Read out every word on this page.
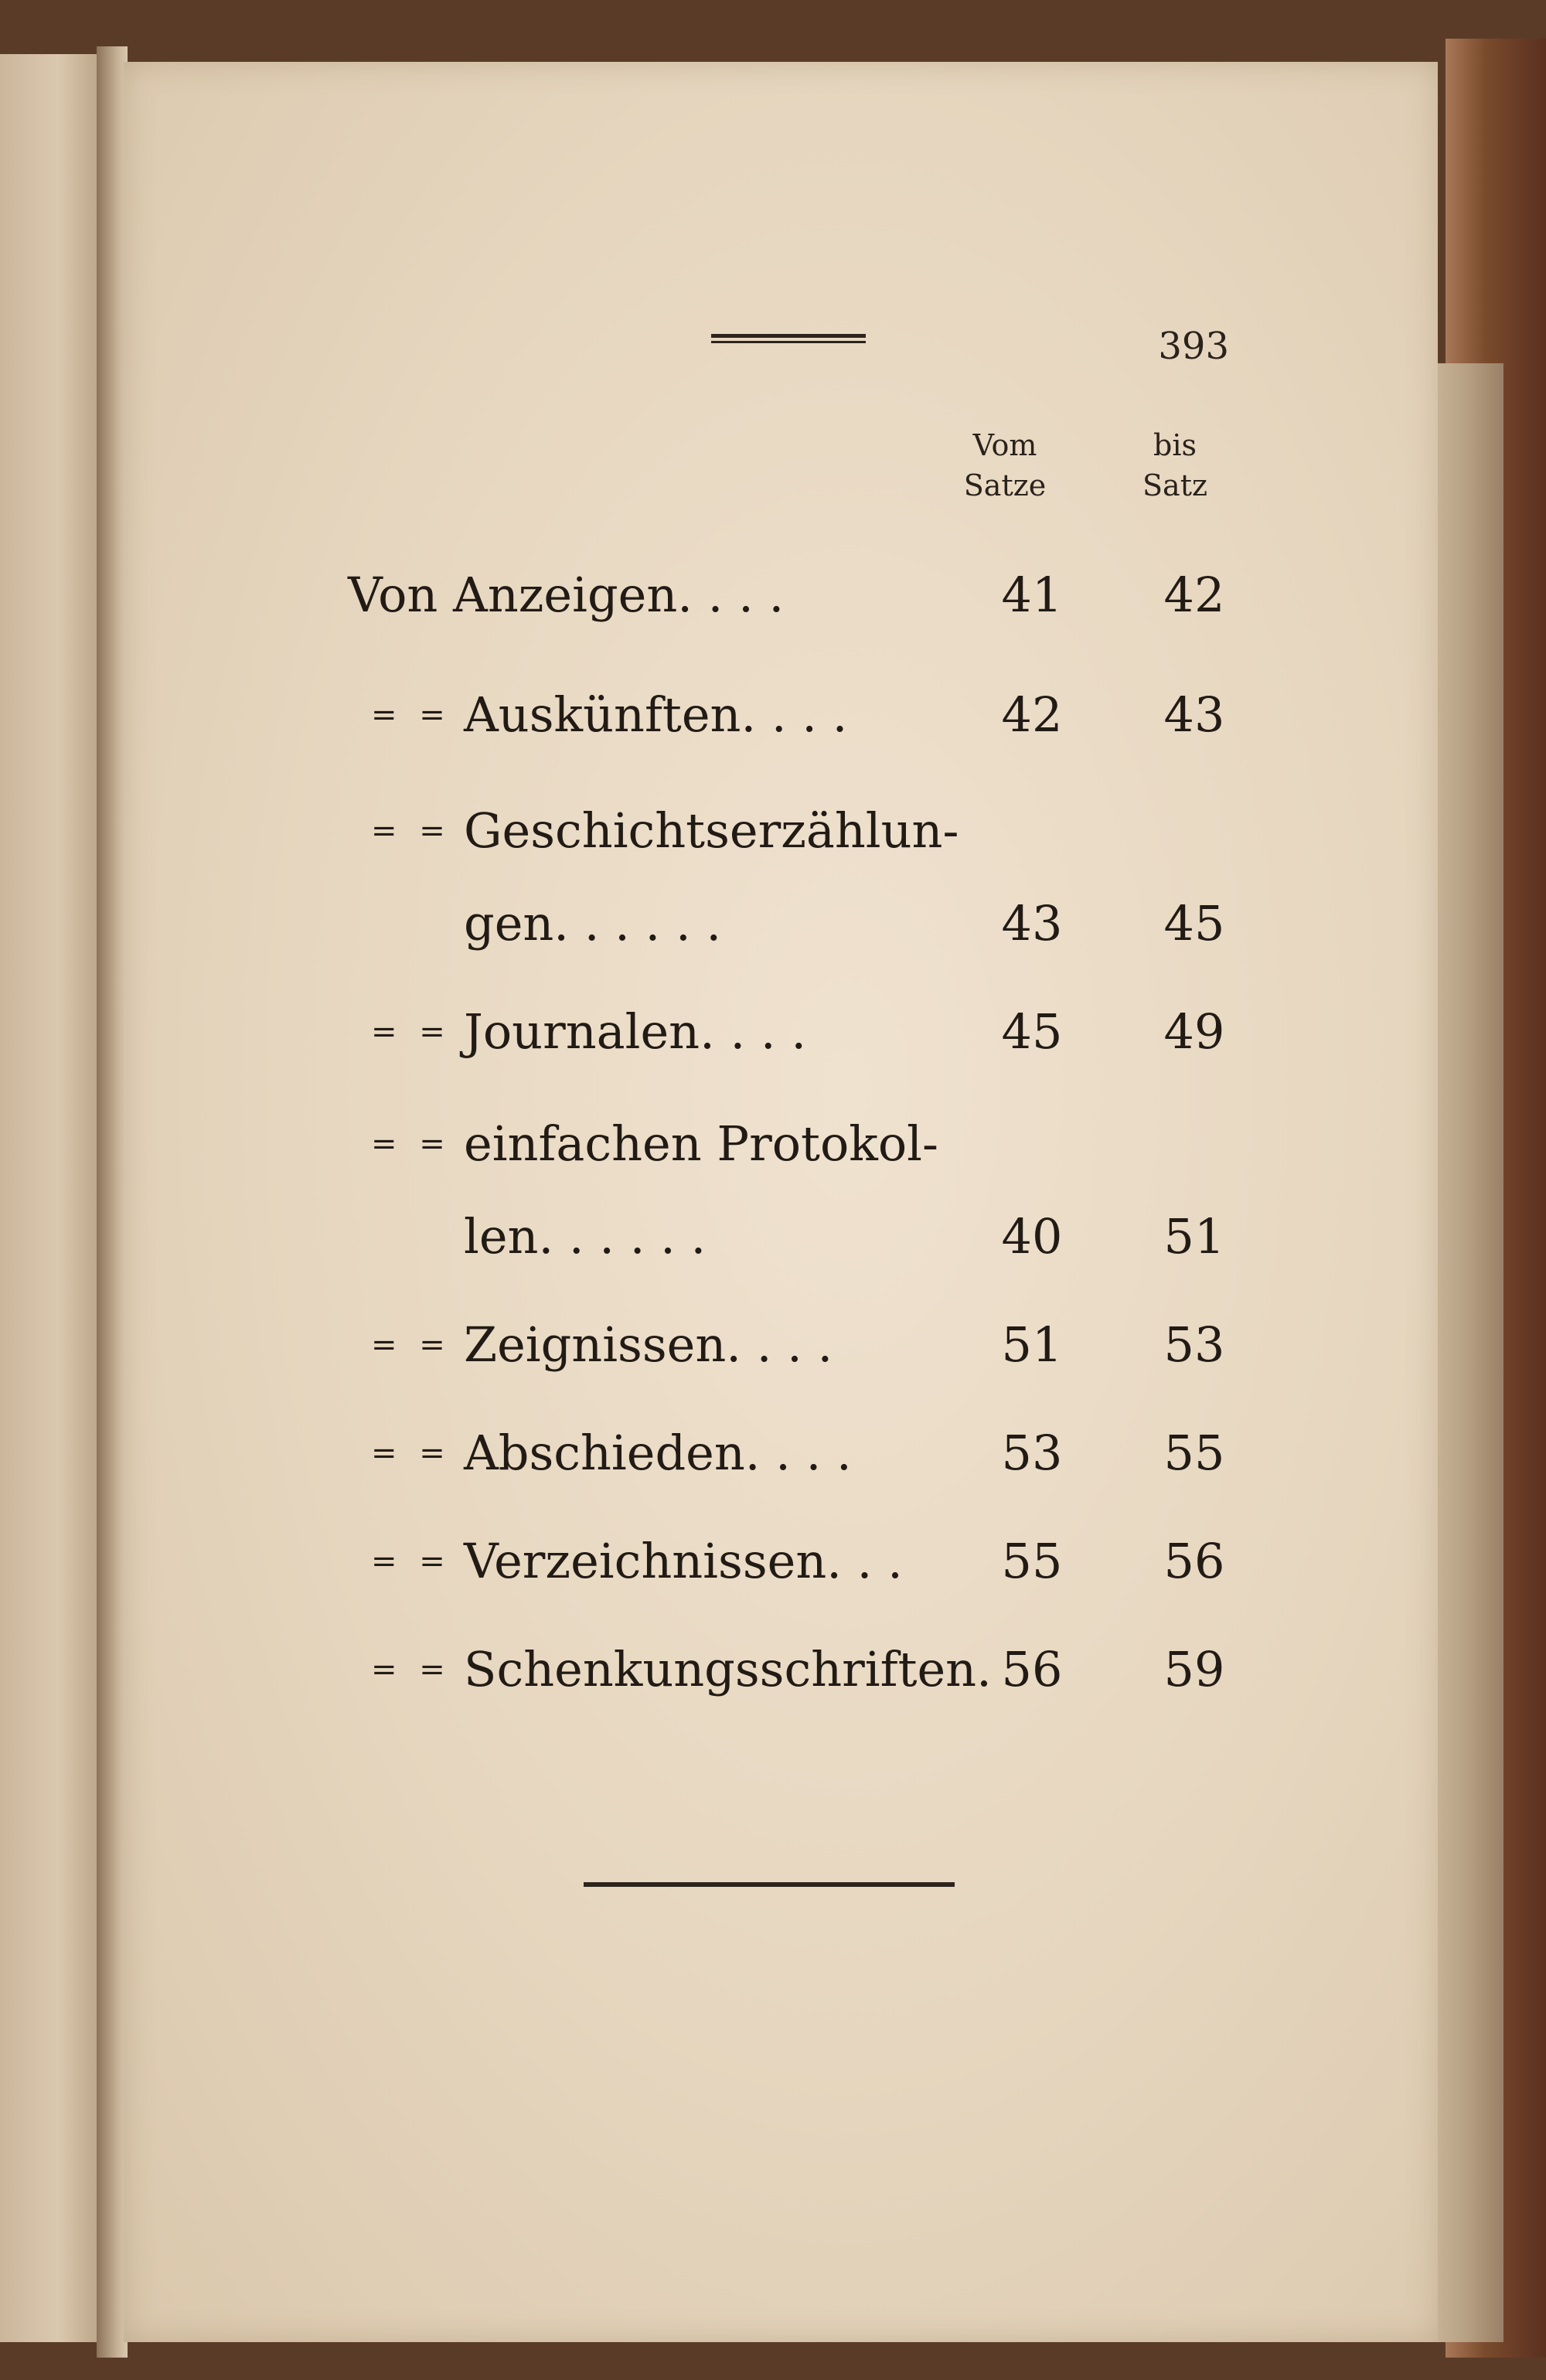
393
Vom
Satze
bis
Satz
Von Anzeigen. . . .	41 42
= = Auskünften. . . .	42 43
= = Geschichtserzählun-
gen. . . . . .	43 45
= = Journalen. . . .	45 49
= = einfachen Protokol-
len. . . . . .	40 51
= = Zeignissen. . . .	51 53
= = Abschieden. . . .	53 55
= = Verzeichnissen. . . 55 56
= = Schenkungsschriften. 56 59
